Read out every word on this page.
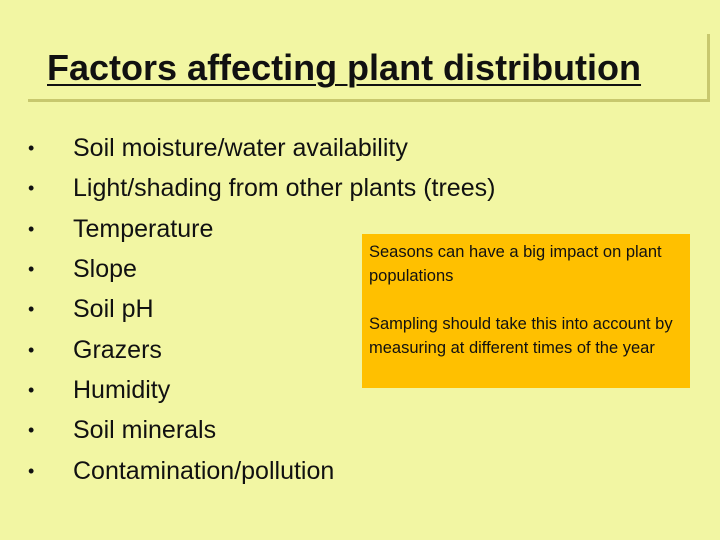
Factors affecting plant distribution
•	Soil moisture/water availability
•	Light/shading from other plants (trees)
•	Temperature
•	Slope
•	Soil pH
•	Grazers
•	Humidity
•	Soil minerals
•	Contamination/pollution

Seasons can have a big impact on plant populations

Sampling should take this into account by measuring at different times of the year
